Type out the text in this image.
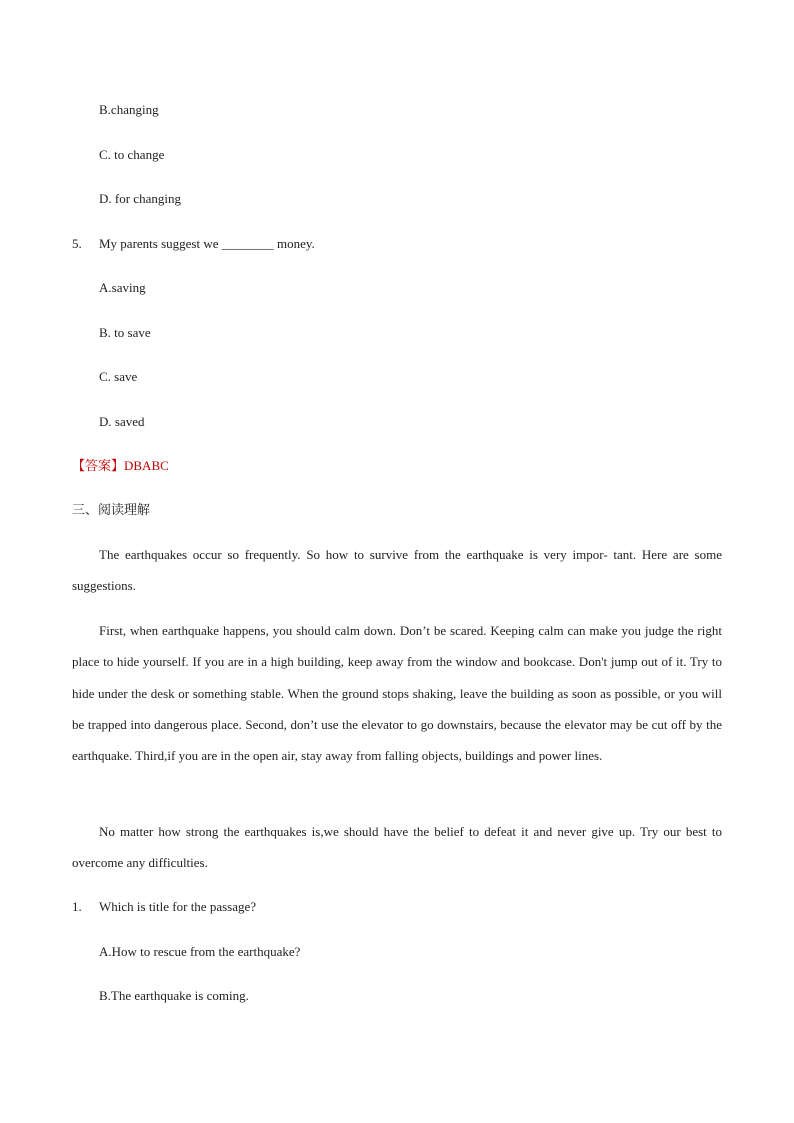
B.changing
C. to change
D. for changing
5. My parents suggest we ________ money.
A.saving
B. to save
C. save
D. saved
【答案】DBABC
三、阅读理解

The earthquakes occur so frequently. So how to survive from the earthquake is very impor- tant. Here are some suggestions.

First, when earthquake happens, you should calm down. Don’t be scared. Keeping calm can make you judge the right place to hide yourself. If you are in a high building, keep away from the window and bookcase. Don't jump out of it. Try to hide under the desk or something stable. When the ground stops shaking, leave the building as soon as possible, or you will be trapped into dangerous place. Second, don’t use the elevator to go downstairs, because the elevator may be cut off by the earthquake. Third,if you are in the open air, stay away from falling objects, buildings and power lines.

No matter how strong the earthquakes is,we should have the belief to defeat it and never give up. Try our best to overcome any difficulties.

1. Which is title for the passage?
A.How to rescue from the earthquake?
B.The earthquake is coming.
